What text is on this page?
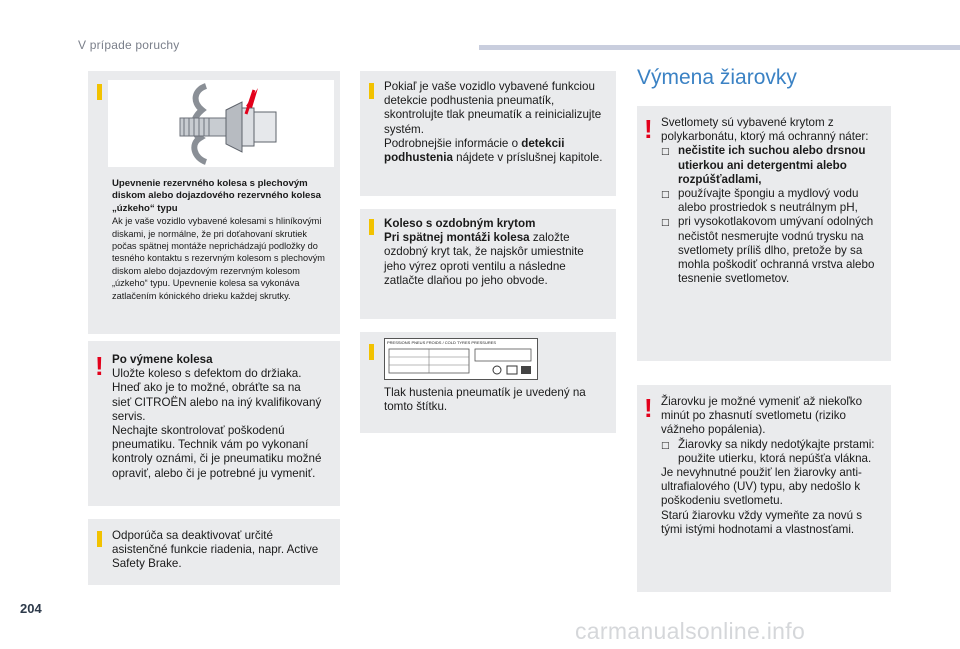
V prípade poruchy
Upevnenie rezervného kolesa s plechovým
diskom alebo dojazdového rezervného kolesa
„úzkeho“ typu
Ak je vaše vozidlo vybavené kolesami s hliníkovými
diskami, je normálne, že pri doťahovaní skrutiek
počas spätnej montáže neprichádzajú podložky do
tesného kontaktu s rezervným kolesom s plechovým
diskom alebo dojazdovým rezervným kolesom
„úzkeho“ typu. Upevnenie kolesa sa vykonáva
zatlačením kónického drieku každej skrutky.
! Po výmene kolesa
Uložte koleso s defektom do držiaka.
Hneď ako je to možné, obráťte sa na
sieť CITROËN alebo na iný kvalifikovaný
servis.
Nechajte skontrolovať poškodenú
pneumatiku. Technik vám po vykonaní
kontroly oznámi, či je pneumatiku možné
opraviť, alebo či je potrebné ju vymeniť.
Odporúča sa deaktivovať určité
asistenčné funkcie riadenia, napr. Active
Safety Brake.
Pokiaľ je vaše vozidlo vybavené funkciou
detekcie podhustenia pneumatík,
skontrolujte tlak pneumatík a reinicializujte
systém.
Podrobnejšie informácie o detekcii
podhustenia nájdete v príslušnej kapitole.
Koleso s ozdobným krytom
Pri spätnej montáži kolesa založte
ozdobný kryt tak, že najskôr umiestnite
jeho výrez oproti ventilu a následne
zatlačte dlaňou po jeho obvode.
PRESSIONS PNEUS FROIDS / COLD TYRES PRESSURES
Tlak hustenia pneumatík je uvedený na
tomto štítku.
Výmena žiarovky
! Svetlomety sú vybavené krytom z
polykarbonátu, ktorý má ochranný náter:
□ nečistite ich suchou alebo drsnou
utierkou ani detergentmi alebo
rozpúšťadlami,
□ používajte špongiu a mydlový vodu
alebo prostriedok s neutrálnym pH,
□ pri vysokotlakovom umývaní odolných
nečistôt nesmerujte vodnú trysku na
svetlomety príliš dlho, pretože by sa
mohla poškodiť ochranná vrstva alebo
tesnenie svetlometov.
! Žiarovku je možné vymeniť až niekoľko
minút po zhasnutí svetlometu (riziko
vážneho popálenia).
□ Žiarovky sa nikdy nedotýkajte prstami:
použite utierku, ktorá nepúšťa vlákna.
Je nevyhnutné použiť len žiarovky anti-
ultrafialového (UV) typu, aby nedošlo k
poškodeniu svetlometu.
Starú žiarovku vždy vymeňte za novú s
tými istými hodnotami a vlastnosťami.
204
carmanualsonline.info
